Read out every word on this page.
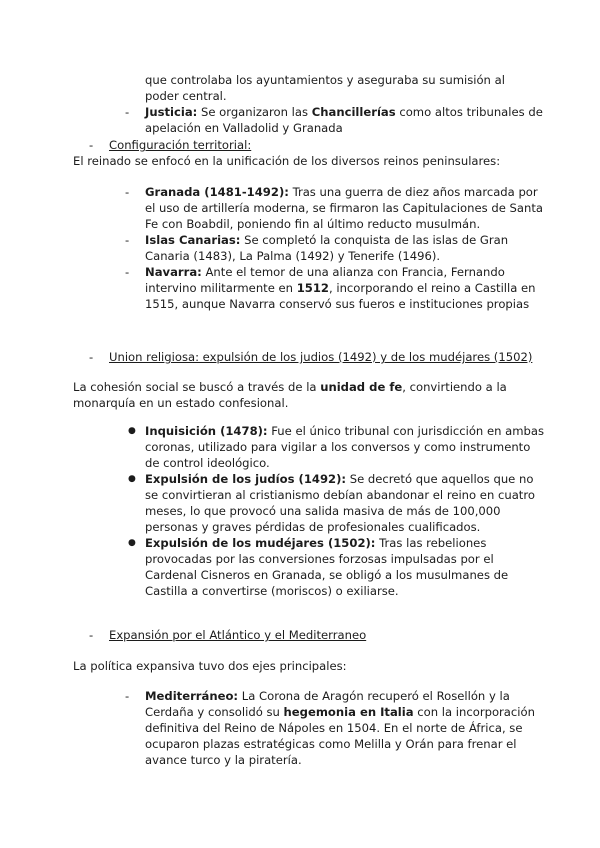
que controlaba los ayuntamientos y aseguraba su sumisión al poder central.

- Justicia: Se organizaron las Chancillerías como altos tribunales de apelación en Valladolid y Granada

- Configuración territorial:

El reinado se enfocó en la unificación de los diversos reinos peninsulares:

- Granada (1481-1492): Tras una guerra de diez años marcada por el uso de artillería moderna, se firmaron las Capitulaciones de Santa Fe con Boabdil, poniendo fin al último reducto musulmán.

- Islas Canarias: Se completó la conquista de las islas de Gran Canaria (1483), La Palma (1492) y Tenerife (1496).

- Navarra: Ante el temor de una alianza con Francia, Fernando intervino militarmente en 1512, incorporando el reino a Castilla en 1515, aunque Navarra conservó sus fueros e instituciones propias

- Union religiosa: expulsión de los judios (1492) y de los mudéjares (1502)

La cohesión social se buscó a través de la unidad de fe, convirtiendo a la monarquía en un estado confesional.

● Inquisición (1478): Fue el único tribunal con jurisdicción en ambas coronas, utilizado para vigilar a los conversos y como instrumento de control ideológico.

● Expulsión de los judíos (1492): Se decretó que aquellos que no se convirtieran al cristianismo debían abandonar el reino en cuatro meses, lo que provocó una salida masiva de más de 100,000 personas y graves pérdidas de profesionales cualificados.

● Expulsión de los mudéjares (1502): Tras las rebeliones provocadas por las conversiones forzosas impulsadas por el Cardenal Cisneros en Granada, se obligó a los musulmanes de Castilla a convertirse (moriscos) o exiliarse.

- Expansión por el Atlántico y el Mediterraneo

La política expansiva tuvo dos ejes principales:

- Mediterráneo: La Corona de Aragón recuperó el Rosellón y la Cerdaña y consolidó su hegemonia en Italia con la incorporación definitiva del Reino de Nápoles en 1504. En el norte de África, se ocuparon plazas estratégicas como Melilla y Orán para frenar el avance turco y la piratería.
